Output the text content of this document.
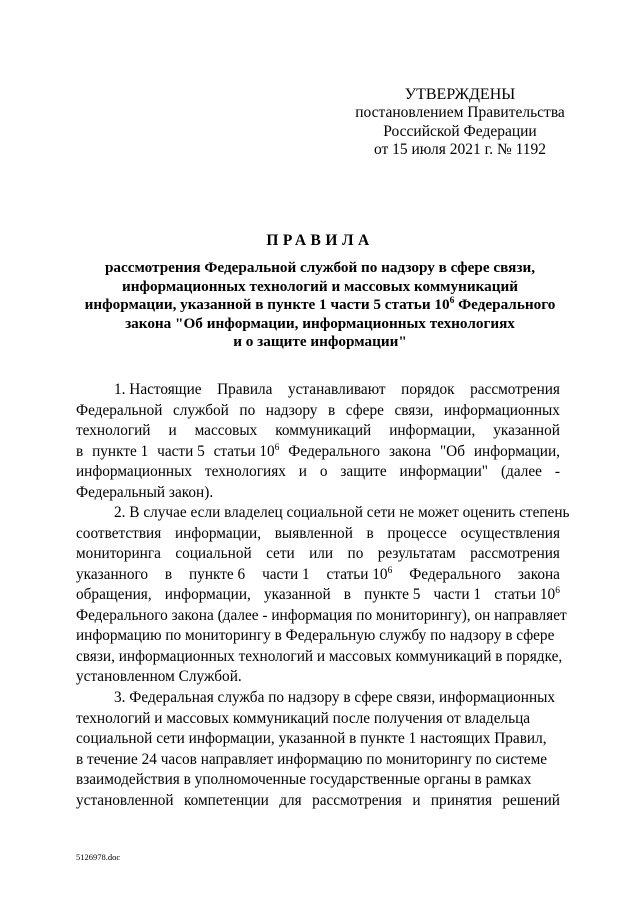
УТВЕРЖДЕНЫ
постановлением Правительства
Российской Федерации
от 15 июля 2021 г. № 1192
ПРАВИЛА
рассмотрения Федеральной службой по надзору в сфере связи,
информационных технологий и массовых коммуникаций
информации, указанной в пункте 1 части 5 статьи $10^6$ Федерального
закона "Об информации, информационных технологиях
и о защите информации"
1. Настоящие Правила устанавливают порядок рассмотрения
Федеральной службой по надзору в сфере связи, информационных
технологий и массовых коммуникаций информации, указанной
в пункте 1 части 5 статьи $10^6$ Федерального закона "Об информации,
информационных технологиях и о защите информации" (далее -
Федеральный закон).
2. В случае если владелец социальной сети не может оценить степень
соответствия информации, выявленной в процессе осуществления
мониторинга социальной сети или по результатам рассмотрения
указанного в пункте 6 части 1 статьи $10^6$ Федерального закона
обращения, информации, указанной в пункте 5 части 1 статьи $10^6$
Федерального закона (далее - информация по мониторингу), он направляет
информацию по мониторингу в Федеральную службу по надзору в сфере
связи, информационных технологий и массовых коммуникаций в порядке,
установленном Службой.
3. Федеральная служба по надзору в сфере связи, информационных
технологий и массовых коммуникаций после получения от владельца
социальной сети информации, указанной в пункте 1 настоящих Правил,
в течение 24 часов направляет информацию по мониторингу по системе
взаимодействия в уполномоченные государственные органы в рамках
установленной компетенции для рассмотрения и принятия решений
5126978.doc
